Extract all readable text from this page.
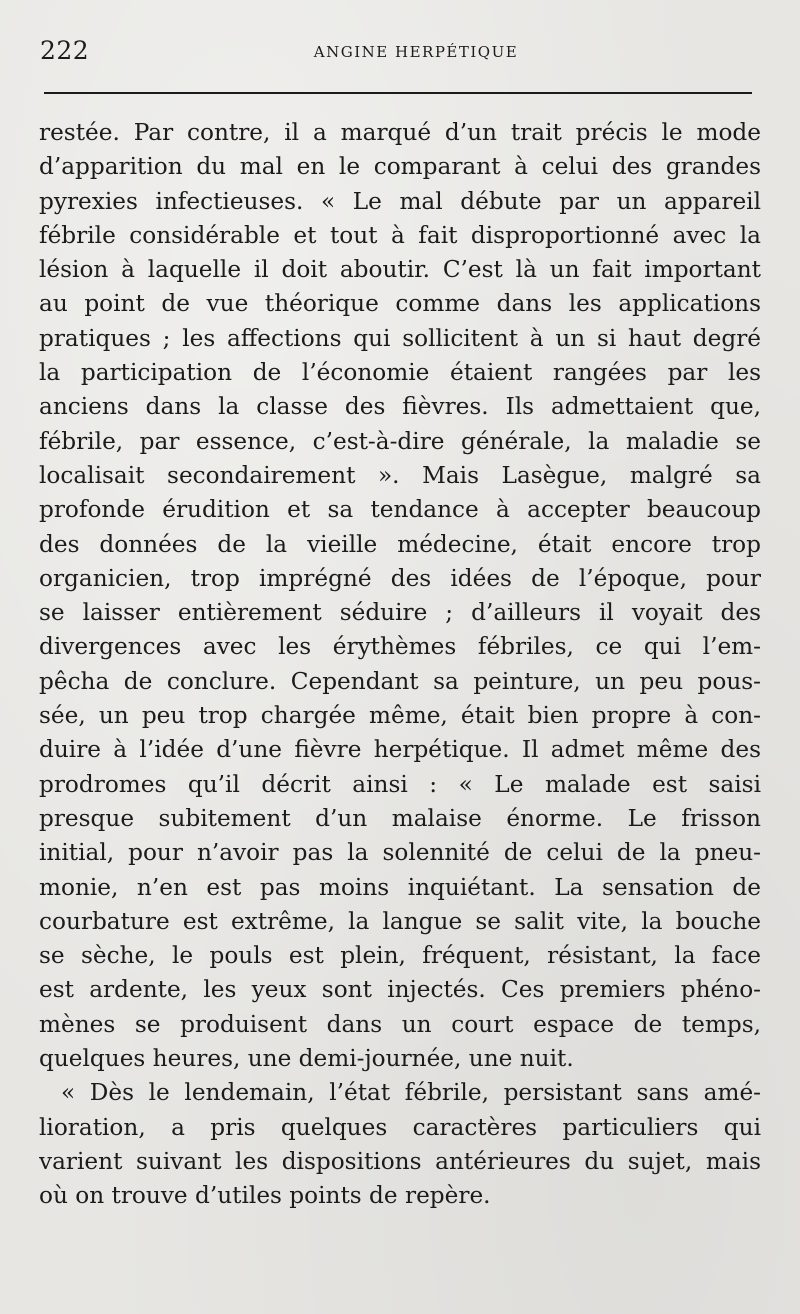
222	ANGINE HERPÉTIQUE
restée. Par contre, il a marqué d’un trait précis le mode
d’apparition du mal en le comparant à celui des grandes
pyrexies infectieuses. « Le mal débute par un appareil
fébrile considérable et tout à fait disproportionné avec la
lésion à laquelle il doit aboutir. C’est là un fait important
au point de vue théorique comme dans les applications
pratiques ; les affections qui sollicitent à un si haut degré
la participation de l’économie étaient rangées par les
anciens dans la classe des fièvres. Ils admettaient que,
fébrile, par essence, c’est-à-dire générale, la maladie se
localisait secondairement ». Mais Lasègue, malgré sa
profonde érudition et sa tendance à accepter beaucoup
des données de la vieille médecine, était encore trop
organicien, trop imprégné des idées de l’époque, pour
se laisser entièrement séduire ; d’ailleurs il voyait des
divergences avec les érythèmes fébriles, ce qui l’em-
pêcha de conclure. Cependant sa peinture, un peu pous-
sée, un peu trop chargée même, était bien propre à con-
duire à l’idée d’une fièvre herpétique. Il admet même des
prodromes qu’il décrit ainsi : « Le malade est saisi
presque subitement d’un malaise énorme. Le frisson
initial, pour n’avoir pas la solennité de celui de la pneu-
monie, n’en est pas moins inquiétant. La sensation de
courbature est extrême, la langue se salit vite, la bouche
se sèche, le pouls est plein, fréquent, résistant, la face
est ardente, les yeux sont injectés. Ces premiers phéno-
mènes se produisent dans un court espace de temps,
quelques heures, une demi-journée, une nuit.
« Dès le lendemain, l’état fébrile, persistant sans amé-
lioration, a pris quelques caractères particuliers qui
varient suivant les dispositions antérieures du sujet, mais
où on trouve d’utiles points de repère.
